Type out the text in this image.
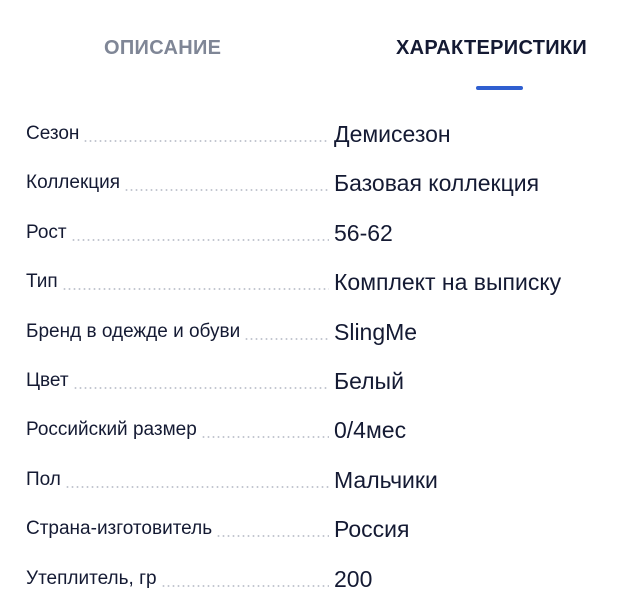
ОПИСАНИЕ	ХАРАКТЕРИСТИКИ
Сезон	Демисезон
Коллекция	Базовая коллекция
Рост	56-62
Тип	Комплект на выписку
Бренд в одежде и обуви	SlingMe
Цвет	Белый
Российский размер	0/4мес
Пол	Мальчики
Страна-изготовитель	Россия
Утеплитель, гр	200
